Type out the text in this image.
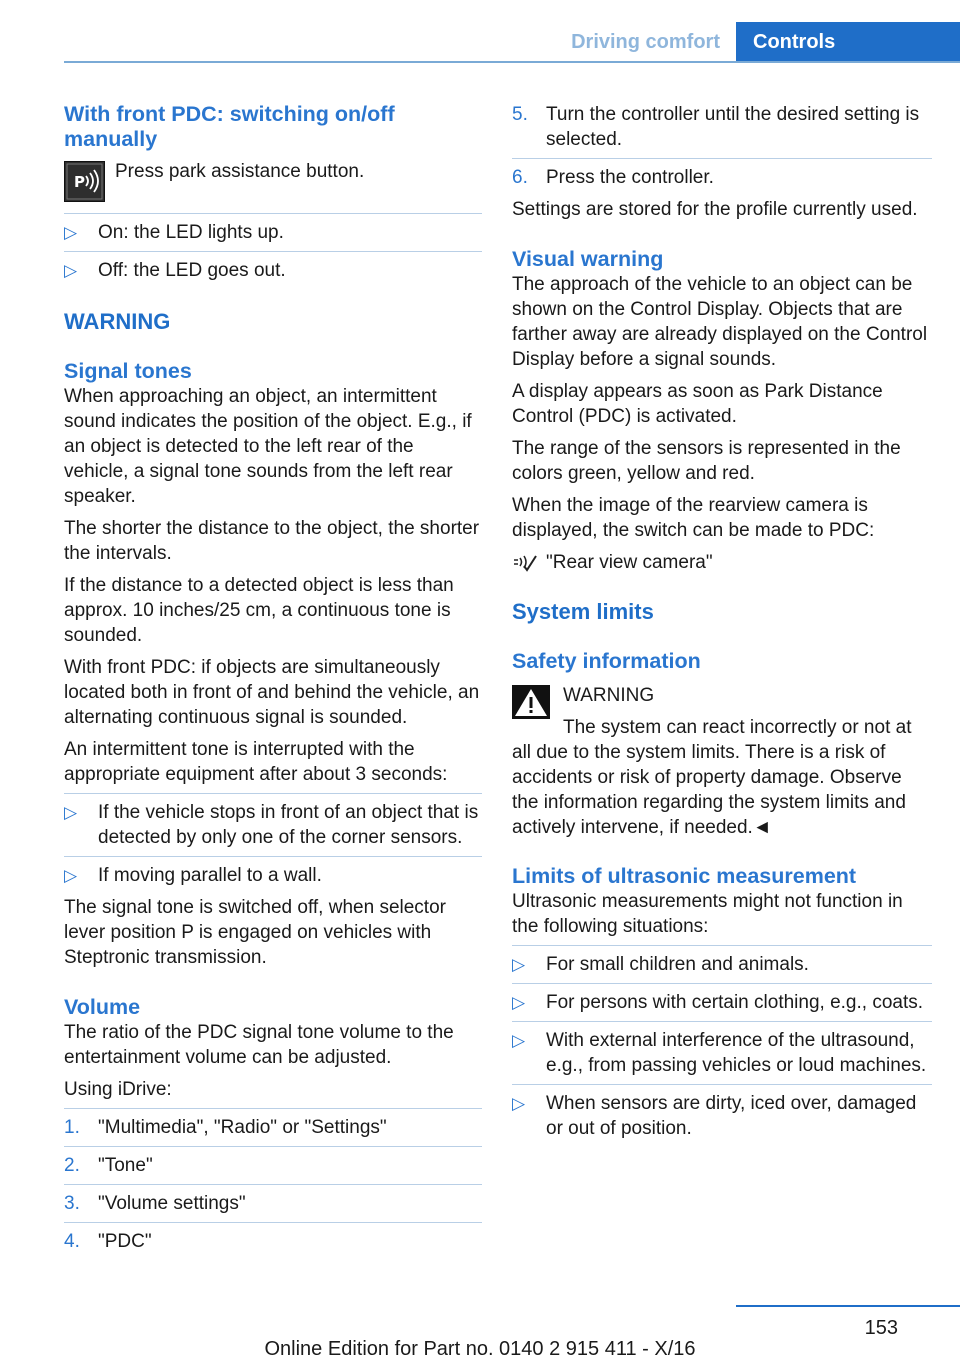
Driving comfort	Controls
With front PDC: switching on/off manually
P Press park assistance button.
▷ On: the LED lights up.
▷ Off: the LED goes out.
WARNING
Signal tones

When approaching an object, an intermittent sound indicates the position of the object. E.g., if an object is detected to the left rear of the vehicle, a signal tone sounds from the left rear speaker.

The shorter the distance to the object, the shorter the intervals.

If the distance to a detected object is less than approx. 10 inches/25 cm, a continuous tone is sounded.

With front PDC: if objects are simultaneously located both in front of and behind the vehicle, an alternating continuous signal is sounded.

An intermittent tone is interrupted with the appropriate equipment after about 3 seconds:

▷ If the vehicle stops in front of an object that is detected by only one of the corner sensors.
▷ If moving parallel to a wall.

The signal tone is switched off, when selector lever position P is engaged on vehicles with Steptronic transmission.

Volume

The ratio of the PDC signal tone volume to the entertainment volume can be adjusted.

Using iDrive:

1. "Multimedia", "Radio" or "Settings"
2. "Tone"
3. "Volume settings"
4. "PDC"
5. Turn the controller until the desired setting is selected.
6. Press the controller.

Settings are stored for the profile currently used.

Visual warning

The approach of the vehicle to an object can be shown on the Control Display. Objects that are farther away are already displayed on the Control Display before a signal sounds.

A display appears as soon as Park Distance Control (PDC) is activated.

The range of the sensors is represented in the colors green, yellow and red.

When the image of the rearview camera is displayed, the switch can be made to PDC:

"Rear view camera"
System limits
Safety information
WARNING

The system can react incorrectly or not at all due to the system limits. There is a risk of accidents or risk of property damage. Observe the information regarding the system limits and actively intervene, if needed.◄

Limits of ultrasonic measurement

Ultrasonic measurements might not function in the following situations:

▷ For small children and animals.
▷ For persons with certain clothing, e.g., coats.
▷ With external interference of the ultrasound, e.g., from passing vehicles or loud machines.
▷ When sensors are dirty, iced over, damaged or out of position.
153
Online Edition for Part no. 0140 2 915 411 - X/16
